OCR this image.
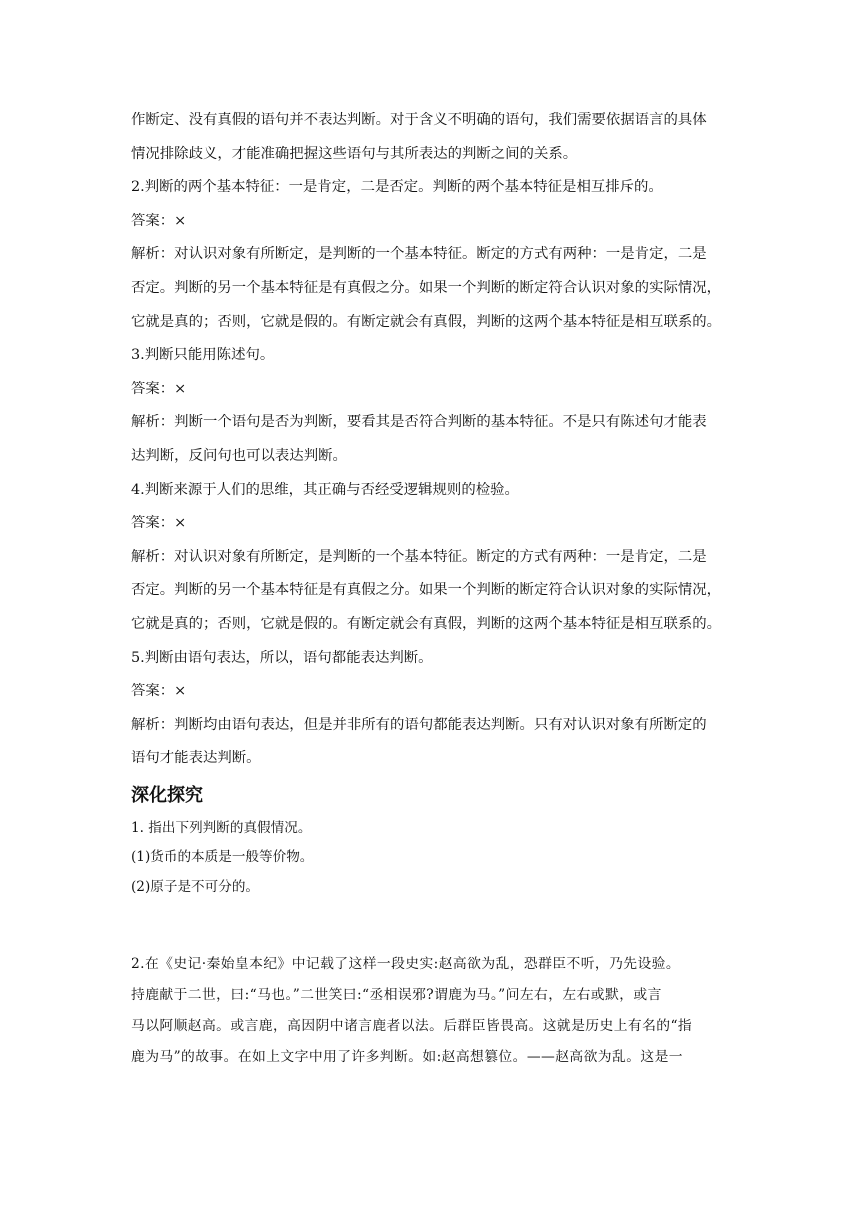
作断定、没有真假的语句并不表达判断。对于含义不明确的语句，我们需要依据语言的具体
情况排除歧义，才能准确把握这些语句与其所表达的判断之间的关系。
2.判断的两个基本特征：一是肯定，二是否定。判断的两个基本特征是相互排斥的。
答案：×
解析：对认识对象有所断定，是判断的一个基本特征。断定的方式有两种：一是肯定，二是
否定。判断的另一个基本特征是有真假之分。如果一个判断的断定符合认识对象的实际情况，
它就是真的；否则，它就是假的。有断定就会有真假，判断的这两个基本特征是相互联系的。
3.判断只能用陈述句。
答案：×
解析：判断一个语句是否为判断，要看其是否符合判断的基本特征。不是只有陈述句才能表
达判断，反问句也可以表达判断。
4.判断来源于人们的思维，其正确与否经受逻辑规则的检验。
答案：×
解析：对认识对象有所断定，是判断的一个基本特征。断定的方式有两种：一是肯定，二是
否定。判断的另一个基本特征是有真假之分。如果一个判断的断定符合认识对象的实际情况，
它就是真的；否则，它就是假的。有断定就会有真假，判断的这两个基本特征是相互联系的。
5.判断由语句表达，所以，语句都能表达判断。
答案：×
解析：判断均由语句表达，但是并非所有的语句都能表达判断。只有对认识对象有所断定的
语句才能表达判断。
深化探究
1. 指出下列判断的真假情况。
(1)货币的本质是一般等价物。
(2)原子是不可分的。
2.在《史记·秦始皇本纪》中记载了这样一段史实:赵高欲为乱，恐群臣不听，乃先设验。
持鹿献于二世，曰:“马也。”二世笑曰:“丞相误邪?谓鹿为马。”问左右，左右或默，或言
马以阿顺赵高。或言鹿，高因阴中诸言鹿者以法。后群臣皆畏高。这就是历史上有名的“指
鹿为马”的故事。在如上文字中用了许多判断。如:赵高想篡位。——赵高欲为乱。这是一
